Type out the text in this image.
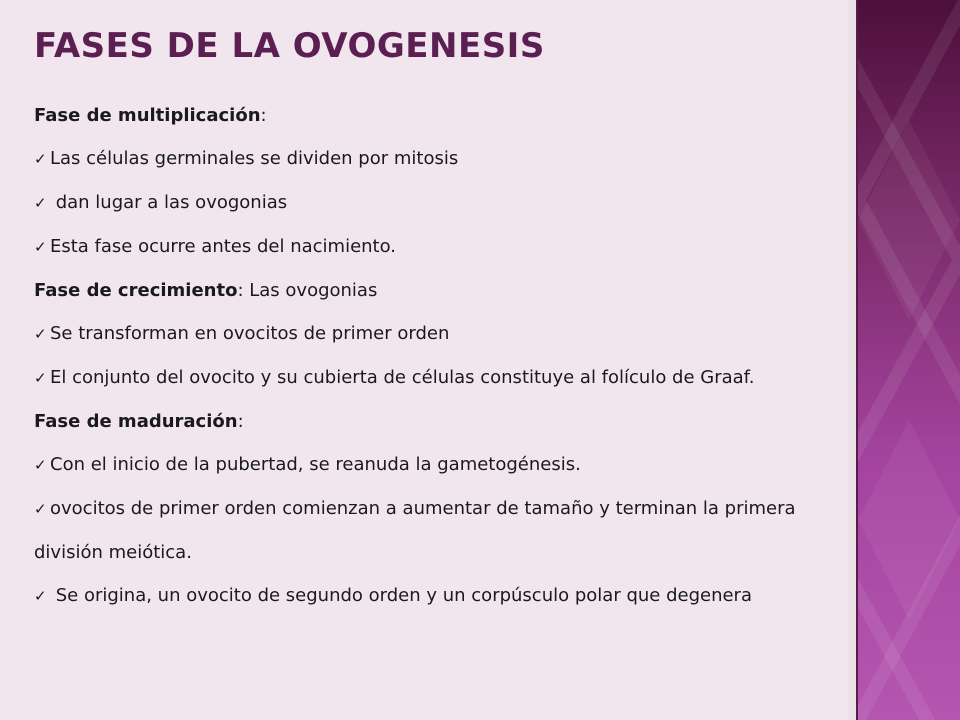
FASES DE LA OVOGENESIS
Fase de multiplicación:
✓ Las células germinales se dividen por mitosis
✓ dan lugar a las ovogonias
✓ Esta fase ocurre antes del nacimiento.
Fase de crecimiento: Las ovogonias
✓ Se transforman en ovocitos de primer orden
✓ El conjunto del ovocito y su cubierta de células constituye al folículo de Graaf.
Fase de maduración:
✓ Con el inicio de la pubertad, se reanuda la gametogénesis.
✓ ovocitos de primer orden comienzan a aumentar de tamaño y terminan la primera división meiótica.
✓ Se origina, un ovocito de segundo orden y un corpúsculo polar que degenera
